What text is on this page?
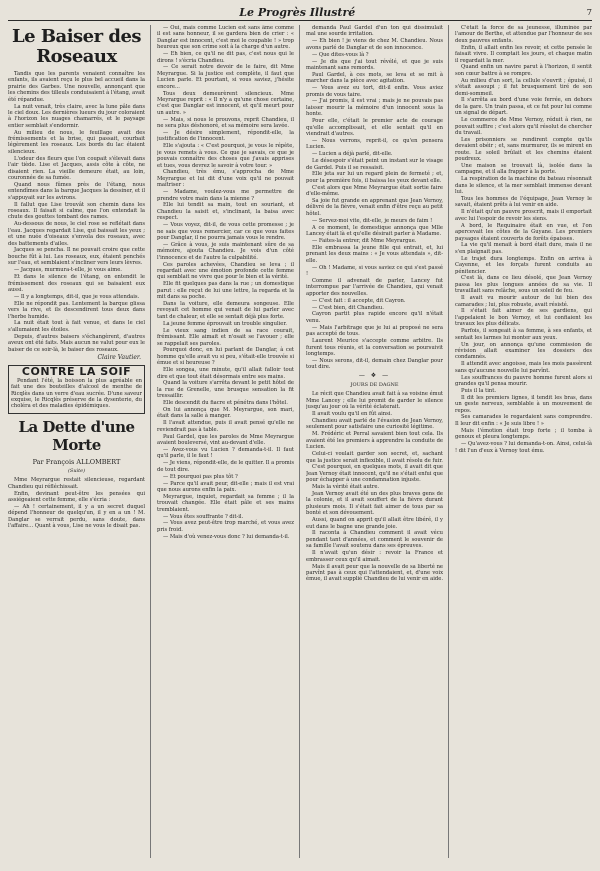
Le Progrès Illustré	7
Le Baiser des Roseaux

Tandis que les parents venaient connaître les enfants, ils avaient reçu le plus bel accueil dans la prairie des Garbes. Une nouvelle, annonçant que les chemins des tilleuls conduisaient à l'étang, avait été répandue.

La nuit venait, très claire, avec la lune pâle dans le ciel doux. Les dernières lueurs du jour coloraient à l'horizon les nuages chamarrés, et le paysage entier semblait s'endormir.

Au milieu de nous, le feuillage avait des frémissements et la brise, qui passait, courbait légèrement les roseaux. Les bords du lac étaient silencieux.

L'odeur des fleurs que l'on coupait s'élevait dans l'air tiède. Lise et Jacques, assis côte à côte, ne disaient rien. La vieille demeure était, au loin, couronnée de sa fumée.

Quand nous fûmes près de l'étang, nous entendîmes dans la barque Jacques la dessiner, et il s'appuyait sur les avirons.

Il fallut que Lise trouvât son chemin dans les roseaux. Il faisait si calme, que l'on entendait la chute des gouttes tombant des rames.

Au-dessous de nous, le ciel rose se reflétait dans l'eau. Jacques regardait Lise, qui baissait les yeux ; et une nuée d'oiseaux s'envola des roseaux, avec des battements d'ailes.

Jacques se pencha. Il ne pouvait croire que cette bouche fût à lui. Les roseaux, eux, étaient penchés sur l'eau, et semblaient s'incliner vers leurs lèvres.

— Jacques, murmura-t-elle, je vous aime.

Et dans le silence de l'étang, on entendit le frémissement des roseaux qui se baisaient eux aussi.

— Il y a longtemps, dit-il, que je vous attendais.

Elle ne répondit pas. Lentement la barque glissa vers la rive, et ils descendirent tous deux dans l'herbe humide.

La nuit était tout à fait venue, et dans le ciel s'allumaient les étoiles.

Depuis, d'autres baisers s'échangèrent, d'autres aveux ont été faits. Mais aucun ne valut pour eux le baiser de ce soir-là, le baiser des roseaux.

Claire Vautier.
CONTRE LA SOIF

Pendant l'été, la boisson la plus agréable en fait une des bouteilles d'alcool de menthe de Ricqlès dans un verre d'eau sucrée. D'une saveur exquise, le Ricqlès préserve de la dysenterie, du choléra et des maladies épidémiques.

La Dette d'une Morte
Par François ALLOMBERT
(Suite)

Mme Meyrargue restait silencieuse, regardant Chandieu qui réfléchissait.

Enfin, devinant peut-être les pensées qui assiégeaient cette femme, elle s'écria :

— Ah ! certainement, il y a un secret duquel dépend l'honneur de quelqu'un, il y en a un ! M. Danglar se verrait perdu, sans doute, dans l'affaire... Quant à vous, Lise ne vous le disait pas.

— Oui, mais comme Lucien est sans âme comme il est sans honneur, il se gardera bien de crier : « Danglar est innocent, c'est moi le coupable ! » trop heureux que son crime soit à la charge d'un autre.

— Eh bien, ce qu'il ne dit pas, c'est nous qui le dirons ! s'écria Chandieu.

— Ce serait notre devoir de le faire, dit Mme Meyrargue. Si la justice est complète, il faut que Lucien parle. Et pourtant, si vous saviez, j'hésite encore...

Tous deux demeurèrent silencieux. Mme Meyrargue reprit : « Il n'y a qu'une chose certaine, c'est que Danglar est innocent, et qu'il meurt pour un autre. »

— Mais, si nous le prouvons, reprit Chandieu, il ne sera plus déshonoré, et sa mémoire sera lavée.

— Je désire simplement, répondit-elle, la justification de l'innocent.

Elle s'ajouta : « C'est pourquoi, je vous le répète, je vous remets à vous. Ce que je savais, ce que je pouvais connaître des choses que j'avais apprises et tues, vous devrez le savoir à votre tour. »

Chandieu, très ému, s'approcha de Mme Meyrargue et lui dit d'une voix qu'il ne pouvait maîtriser :

— Madame, voulez-vous me permettre de prendre votre main dans la mienne ?

Elle lui tendit sa main, tout en souriant, et Chandieu la saisit et, s'inclinant, la baisa avec respect.

— Vous voyez, dit-il, de vous cette promesse ; je ne sais que vous remercier, car ce que vous faites pour Danglar, il ne pourra jamais vous le rendre.

— Grâce à vous, je suis maintenant sûre de sa mémoire, ajouta Chandieu. Je vois d'un côté l'innocence et de l'autre la culpabilité.

Ces paroles achevées, Chandieu se leva ; il regardait avec une émotion profonde cette femme qui semblait ne vivre que pour le bien et la vérité.

Elle fit quelques pas dans la rue ; un domestique parut : elle reçut de lui une lettre, la regarda et la mit dans sa poche.

Dans la voiture, elle demeura songeuse. Elle revoyait cet homme qui venait de lui parler avec tant de chaleur, et elle se sentait déjà plus forte.

La jeune femme éprouvait un trouble singulier.

Le vieux sang indien de sa race courait, frémissant. Elle aimait et n'osait se l'avouer ; elle se rappelait ses paroles.

Pourquoi donc, en lui parlant de Danglar, à cet homme qu'elle avait vu si peu, s'était-elle trouvée si émue et si heureuse ?

Elle songea, une minute, qu'il allait falloir tout dire et que tout était désormais entre ses mains.

Quand la voiture s'arrêta devant le petit hôtel de la rue de Grenelle, une brusque sensation la fit tressaillir.

Elle descendit du fiacre et pénétra dans l'hôtel.

On lui annonça que M. Meyrargue, son mari, était dans la salle à manger.

Il l'avait attendue, puis il avait pensé qu'elle ne reviendrait pas à table.

Paul Gardel, que les paroles de Mme Meyrargue avaient bouleversé, vint au-devant d'elle.

— Avez-vous vu Lucien ? demanda-t-il. Il faut qu'il parle, il le faut !

— Je viens, répondit-elle, de le quitter. Il a promis de tout dire.

— Et pourquoi pas plus tôt ?

— Parce qu'il avait peur, dit-elle ; mais il est vrai que nous aurons enfin la paix.

Meyrargue, inquiet, regardait sa femme ; il la trouvait changée. Elle était pâle et ses mains tremblaient.

— Vous êtes souffrante ? dit-il.

— Vous avez peut-être trop marché, et vous avez pris froid.

— Mais d'où venez-vous donc ? lui demanda-t-il.

demanda Paul Gardel d'un ton qui dissimulait mal une sourde irritation.

— Eh bien ! je viens de chez M. Chandieu. Nous avons parlé de Danglar et de son innocence.

— Que dites-vous là ?

— Je dis que j'ai tout révélé, et que je suis maintenant sans remords.

Paul Gardel, à ces mots, se leva et se mit à marcher dans la pièce avec agitation.

— Vous avez eu tort, dit-il enfin. Vous aviez promis de vous taire.

— J'ai promis, il est vrai ; mais je ne pouvais pas laisser mourir la mémoire d'un innocent sous la honte.

Pour elle, c'était le premier acte de courage qu'elle accomplissait, et elle sentait qu'il en viendrait d'autres.

— Nous verrons, reprit-il, ce qu'en pensera Lucien.

— Lucien a déjà parlé, dit-elle.

Le désespoir s'était peint un instant sur le visage de Gardel. Puis il se ressaisit.

Elle jeta sur lui un regard plein de fermeté ; et, pour la première fois, il baissa les yeux devant elle.

C'est alors que Mme Meyrargue était sortie faire d'elle-même.

Sa joie fut grande en apprenant que Jean Vernoy, délivré de la fièvre, venait enfin d'être reçu au petit hôtel.

— Servez-moi vite, dit-elle, je meurs de faim !

A ce moment, le domestique annonça que Mlle Lancey était là et qu'elle désirait parler à Madame.

— Faites-la entrer, dit Mme Meyrargue.

Elle embrassa la jeune fille qui entrait, et, lui prenant les deux mains : « Je vous attendais », dit-elle.

— Oh ! Madame, si vous saviez ce qui s'est passé !

Comme il advenait de parler, Lancey fut interrompue par l'arrivée de Chandieu, qui venait apporter des nouvelles.

— C'est fait : il accepte, dit Cayron.

— C'est bien, dit Chandieu.

Cayron partit plus rapide encore qu'il n'était venu.

— Mais l'arbitrage que je lui ai proposé ne sera pas accepté de tous.

Laurent Meurice s'accepte comme arbitre. Ils furent tous réunis, et la conversation se poursuivit longtemps.

— Nous serons, dit-il, demain chez Danglar pour tout dire.

— ❖ —
JOURS DE DAGNE

Le récit que Chandieu avait fait à sa voisine émut Mme Lancey ; elle lui promit de garder le silence jusqu'au jour où la vérité éclaterait.

Il avait voulu qu'il en fût ainsi.

Chandieu avait parlé de l'évasion de Jean Vernoy, seulement pour satisfaire une curiosité légitime.

M. Frédéric et Perral savaient bien tout cela. Ils avaient été les premiers à apprendre la conduite de Lucien.

Celui-ci voulait garder son secret, et, sachant que la justice serait inflexible, il avait résolu de fuir.

C'est pourquoi, en quelques mots, il avait dit que Jean Vernoy était innocent, qu'il ne s'était enfui que pour échapper à une condamnation injuste.

Mais la vérité était autre.

Jean Vernoy avait été un des plus braves gens de la colonie, et il avait souffert de la fièvre durant plusieurs mois. Il s'était fait aimer de tous par sa bonté et son dévouement.

Aussi, quand on apprit qu'il allait être libéré, il y eut dans le bagne une grande joie.

Il raconta à Chandieu comment il avait vécu pendant tant d'années, et comment le souvenir de sa famille l'avait soutenu dans ses épreuves.

Il n'avait qu'un désir : revoir la France et embrasser ceux qu'il aimait.

Mais il avait peur que la nouvelle de sa liberté ne parvînt pas à ceux qui l'attendaient, et, d'une voix émue, il avait supplié Chandieu de lui venir en aide.

C'était la force de sa jeunesse, illuminée par l'amour de Berthe, et attendue par l'honneur de ses deux pauvres enfants.

Enfin, il allait enfin les revoir, et cette pensée le faisait vivre. Il comptait les jours, et chaque matin il regardait la mer.

Quand enfin un navire parut à l'horizon, il sentit son cœur battre à se rompre.

Au milieu d'un sort, la cellule s'ouvrit ; épuisé, il s'était assoupi ; il fut brusquement tiré de son demi-sommeil.

Il s'arrêta au bord d'une voie ferrée, en dehors de la gare. Un train passa, et ce fut pour lui comme un signal de départ.

Le commerce de Mme Vernoy, réduit à rien, ne pouvait suffire ; c'est alors qu'il résolut de chercher du travail.

Les prisonniers se rendirent compte qu'ils devaient obéir ; et, sans murmurer, ils se mirent en route. Le soleil brûlait et les chemins étaient poudreux.

Une maison se trouvait là, isolée dans la campagne, et il alla frapper à la porte.

La respiration de la machine du bateau résonnait dans le silence, et la mer semblait immense devant lui.

Tous les hommes de l'équipage, Jean Vernoy le savait, étaient prêts à lui venir en aide.

Il n'était qu'un pauvre proscrit, mais il emportait avec lui l'espoir de revoir les siens.

A bord, le Requinaire était en vue, et l'on apercevait les côtes de la Guyane. Les premiers paysages étaient couverts de forêts épaisses.

La vie qu'il menait à bord était dure, mais il ne s'en plaignait pas.

Le trajet dura longtemps. Enfin on arriva à Cayenne, et les forçats furent conduits au pénitencier.

C'est là, dans ce lieu désolé, que Jean Vernoy passa les plus longues années de sa vie. Il travaillait sans relâche, sous un soleil de feu.

Il avait vu mourir autour de lui bien des camarades ; lui, plus robuste, avait résisté.

Il s'était fait aimer de ses gardiens, qui l'appelaient le bon Vernoy, et lui confiaient les travaux les plus délicats.

Parfois, il songeait à sa femme, à ses enfants, et sentait les larmes lui monter aux yeux.

Un jour, on annonça qu'une commission de révision allait examiner les dossiers des condamnés.

Il attendit avec angoisse, mais les mois passèrent sans qu'aucune nouvelle lui parvînt.

Les souffrances du pauvre homme furent alors si grandes qu'il pensa mourir.

Puis il la tint.

Il dit les premiers lignes, il tendit les bras, dans un geste nerveux, semblable à un mouvement de repos.

Ses camarades le regardaient sans comprendre. Il leur dit enfin : « Je suis libre ! »

Mais l'émotion était trop forte ; il tomba à genoux et pleura longtemps.

— Qu'avez-vous ? lui demanda-t-on. Ainsi, celui-là ! dit l'un d'eux à Vernoy tout ému.
